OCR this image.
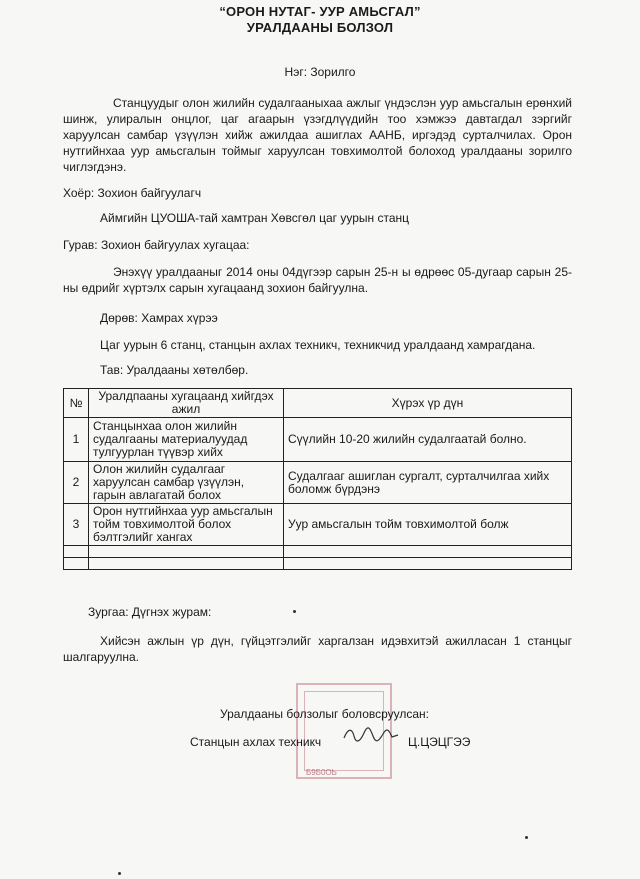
“ОРОН НУТАГ- УУР АМЬСГАЛ”
УРАЛДААНЫ БОЛЗОЛ
Нэг: Зорилго
Станцуудыг олон жилийн судалгааныхаа ажлыг үндэслэн уур амьсгалын ерөнхий шинж, улиралын онцлог, цаг агаарын үзэгдлүүдийн тоо хэмжээ давтагдал зэргийг харуулсан самбар үзүүлэн хийж ажилдаа ашиглах ААНБ, иргэдэд сурталчилах. Орон нутгийнхаа уур амьсгалын тоймыг харуулсан товхимолтой болоход уралдааны зорилго чиглэгдэнэ.
Хоёр: Зохион байгуулагч
Аймгийн ЦУОША-тай хамтран Хөвсгөл цаг уурын станц
Гурав: Зохион байгуулах хугацаа:
Энэхүү уралдааныг 2014 оны 04дүгээр сарын 25-н ы өдрөөс 05-дугаар сарын 25-ны өдрийг хүртэлх сарын хугацаанд зохион байгуулна.
Дөрөв: Хамрах хүрээ
Цаг уурын 6 станц, станцын ахлах техникч, техникчид уралдаанд хамрагдана.
Тав: Уралдааны хөтөлбөр.
№	Уралдпааны хугацаанд хийгдэх ажил	Хүрэх үр дүн
1	Станцынхаа олон жилийн судалгааны материалуудад тулгуурлан түүвэр хийх	Сүүлийн 10-20 жилийн судалгаатай болно.
2	Олон жилийн судалгааг харуулсан самбар үзүүлэн, гарын авлагатай болох	Судалгааг ашиглан сургалт, сурталчилгаа хийх боломж бүрдэнэ
3	Орон нутгийнхаа уур амьсгалын тойм товхимолтой болох бэлтгэлийг хангах	Уур амьсгалын тойм товхимолтой болж

Зургаа: Дүгнэх журам:
Хийсэн ажлын үр дүн, гүйцэтгэлийг харгалзан идэвхитэй ажилласан 1 станцыг шалгаруулна.
Б9Б0ОЬ
Уралдааны болзолыг боловсруулсан:
Станцын ахлах техникч	Ц.ЦЭЦГЭЭ
